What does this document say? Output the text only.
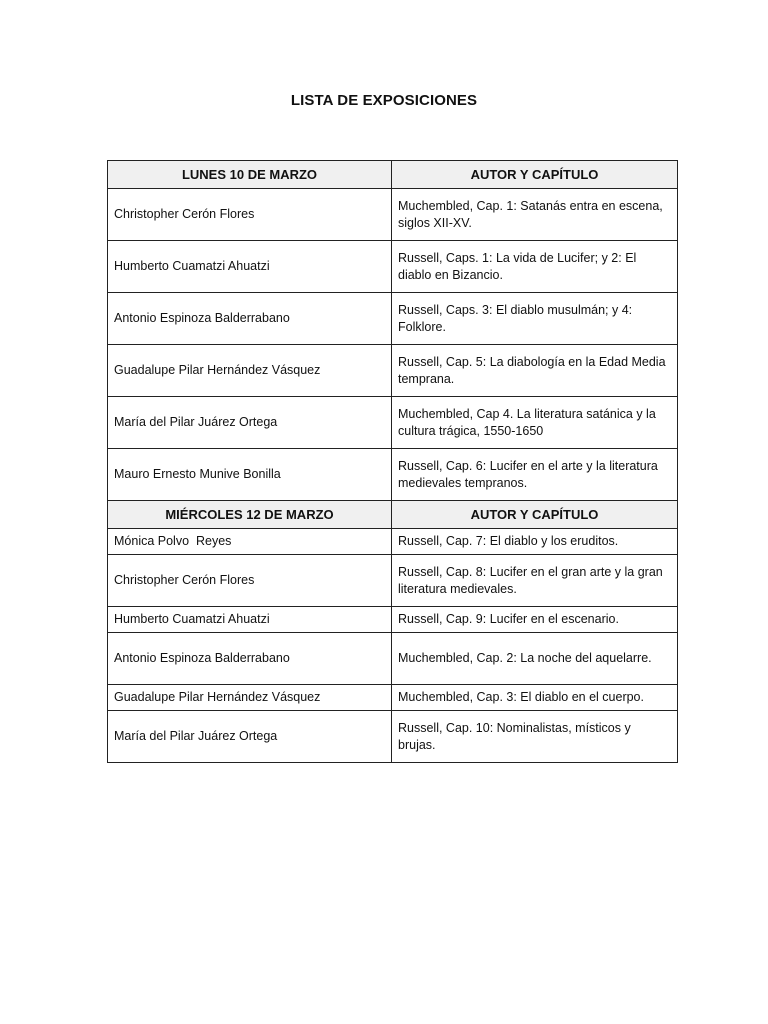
LISTA DE EXPOSICIONES
LUNES 10 DE MARZO	AUTOR Y CAPÍTULO
Christopher Cerón Flores	Muchembled, Cap. 1: Satanás entra en escena, siglos XII-XV.
Humberto Cuamatzi Ahuatzi	Russell, Caps. 1: La vida de Lucifer; y 2: El diablo en Bizancio.
Antonio Espinoza Balderrabano	Russell, Caps. 3: El diablo musulmán; y 4: Folklore.
Guadalupe Pilar Hernández Vásquez	Russell, Cap. 5: La diabología en la Edad Media temprana.
María del Pilar Juárez Ortega	Muchembled, Cap 4. La literatura satánica y la cultura trágica, 1550-1650
Mauro Ernesto Munive Bonilla	Russell, Cap. 6: Lucifer en el arte y la literatura medievales tempranos.
MIÉRCOLES 12 DE MARZO	AUTOR Y CAPÍTULO
Mónica Polvo  Reyes	Russell, Cap. 7: El diablo y los eruditos.
Christopher Cerón Flores	Russell, Cap. 8: Lucifer en el gran arte y la gran literatura medievales.
Humberto Cuamatzi Ahuatzi	Russell, Cap. 9: Lucifer en el escenario.
Antonio Espinoza Balderrabano	Muchembled, Cap. 2: La noche del aquelarre.
Guadalupe Pilar Hernández Vásquez	Muchembled, Cap. 3: El diablo en el cuerpo.
María del Pilar Juárez Ortega	Russell, Cap. 10: Nominalistas, místicos y brujas.
